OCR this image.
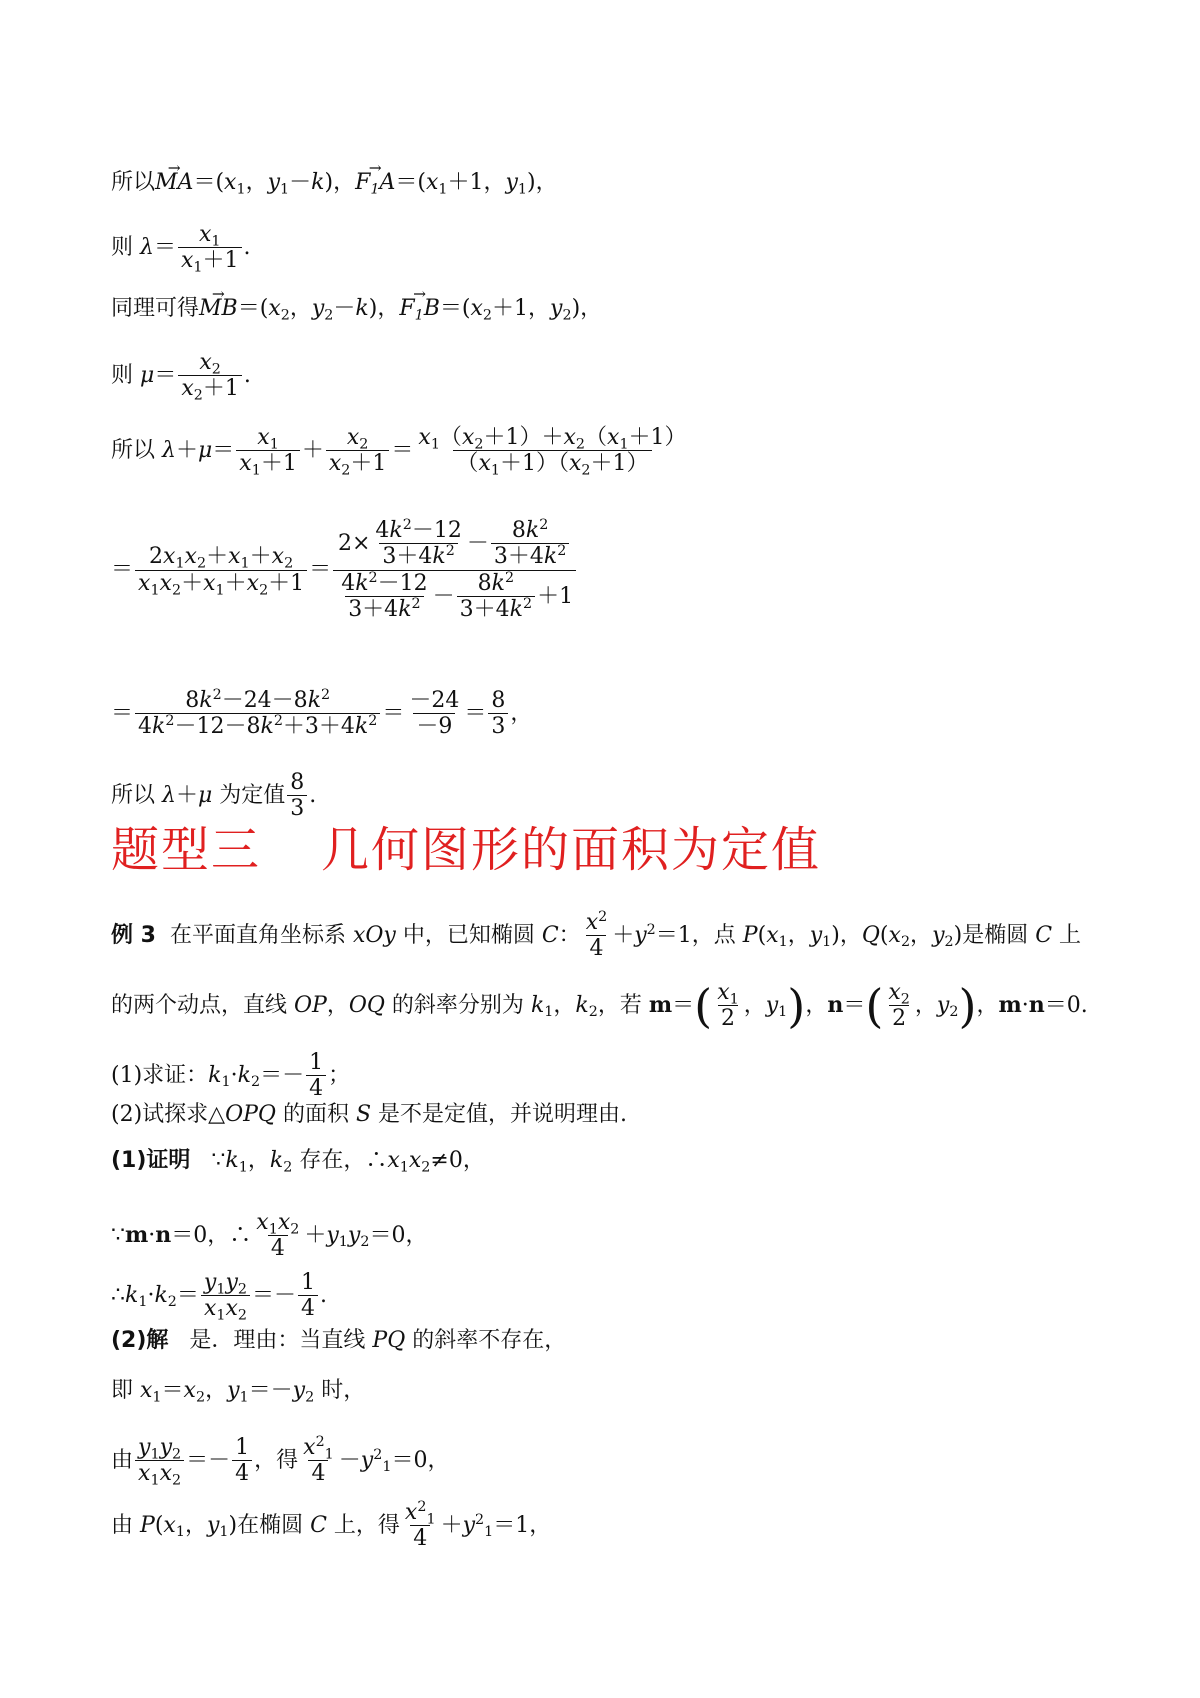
所以→ $MA=(x_1$，$y_1-k$)，→ $F_1A=(x_1+1$，$y_1$)，
则 $\lambda= \frac{x_1}{x_1+1}$ .
同理可得→ $MB=(x_2$，$y_2-k$)，→ $F_1B=(x_2+1$，$y_2$)，
则 $\mu= \frac{x_2}{x_2+1}$ .
所以 $\lambda+\mu= \frac{x_1}{x_1+1} + \frac{x_2}{x_2+1} = \frac{x_1(x_2+1)+x_2(x_1+1)}{(x_1+1)(x_2+1)}$
＝ $\frac{2x_1x_2+x_1+x_2}{x_1x_2+x_1+x_2+1} = \frac{2\times \frac{4k^2-12}{3+4k^2} - \frac{8k^2}{3+4k^2}}{\frac{4k^2-12}{3+4k^2} - \frac{8k^2}{3+4k^2} +1}$
＝ $\frac{8k^2-24-8k^2}{4k^2-12-8k^2+3+4k^2} = \frac{-24}{-9} = \frac{8}{3}$ ，
所以 λ＋μ 为定值 $\frac{8}{3}$ .
题型三 几何图形的面积为定值
例 3  在平面直角坐标系 xOy 中，已知椭圆 C： $\frac{x^2}{4} +y^2=1$，点 $P(x_1$，$y_1$)，$Q(x_2$，$y_2$)是椭圆 C 上
的两个动点，直线 OP，OQ 的斜率分别为 $k_1$，$k_2$，若 $m=( \frac{x_1}{2}$ ，$y_1$)，$n=( \frac{x_2}{2}$ ，$y_2$)，m·n＝0.
(1)求证：$k_1\cdot k_2=- \frac{1}{4}$ ；
(2)试探求△OPQ 的面积 S 是不是定值，并说明理由.
(1)证明   $\because k_1$，$k_2$ 存在，$\therefore x_1x_2\ne 0$，
∵m·n＝0，∴ $\frac{x_1x_2}{4} +y_1y_2=0$，
$\therefore k_1\cdot k_2= \frac{y_1y_2}{x_1x_2} =- \frac{1}{4}$ .
(2)解   是．理由：当直线 PQ 的斜率不存在，
即 $x_1=x_2$，$y_1=-y_2$ 时，
由 $\frac{y_1y_2}{x_1x_2} =- \frac{1}{4}$ ，得 $\frac{x^2_1}{4} -y^2_1=0$，
由 $P(x_1$，$y_1$)在椭圆 C 上，得 $\frac{x^2_1}{4} +y^2_1=1$，
